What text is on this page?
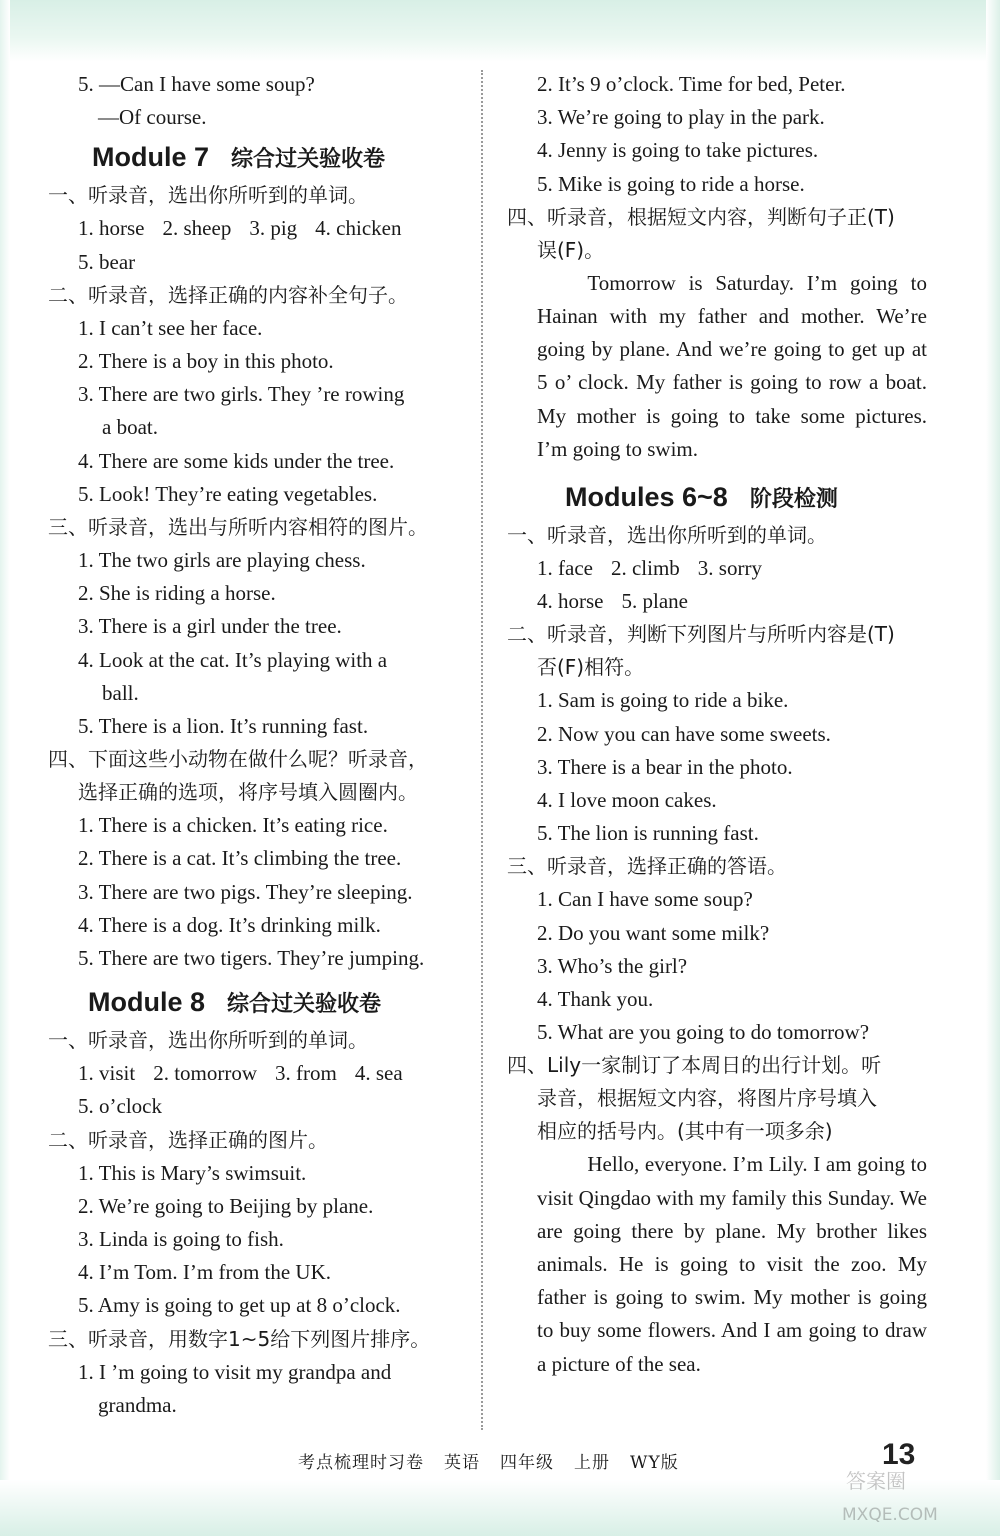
5. —Can I have some soup?
—Of course.
Module 7 综合过关验收卷
一、听录音，选出你所听到的单词。
1. horse 2. sheep 3. pig 4. chicken
5. bear
二、听录音，选择正确的内容补全句子。
1. I can’t see her face.
2. There is a boy in this photo.
3. There are two girls. They ’re rowing
a boat.
4. There are some kids under the tree.
5. Look! They’re eating vegetables.
三、听录音，选出与所听内容相符的图片。
1. The two girls are playing chess.
2. She is riding a horse.
3. There is a girl under the tree.
4. Look at the cat. It’s playing with a
ball.
5. There is a lion. It’s running fast.
四、下面这些小动物在做什么呢？听录音，
选择正确的选项，将序号填入圆圈内。
1. There is a chicken. It’s eating rice.
2. There is a cat. It’s climbing the tree.
3. There are two pigs. They’re sleeping.
4. There is a dog. It’s drinking milk.
5. There are two tigers. They’re jumping.
Module 8 综合过关验收卷
一、听录音，选出你所听到的单词。
1. visit 2. tomorrow 3. from 4. sea
5. o’clock
二、听录音，选择正确的图片。
1. This is Mary’s swimsuit.
2. We’re going to Beijing by plane.
3. Linda is going to fish.
4. I’m Tom. I’m from the UK.
5. Amy is going to get up at 8 o’clock.
三、听录音，用数字1~5给下列图片排序。
1. I ’m going to visit my grandpa and
grandma.
2. It’s 9 o’clock. Time for bed, Peter.
3. We’re going to play in the park.
4. Jenny is going to take pictures.
5. Mike is going to ride a horse.
四、听录音，根据短文内容，判断句子正(T)
误(F)。
Tomorrow is Saturday. I’m going to Hainan with my father and mother. We’re going by plane. And we’re going to get up at 5 o’ clock. My father is going to row a boat. My mother is going to take some pictures. I’m going to swim.
Modules 6~8 阶段检测
一、听录音，选出你所听到的单词。
1. face 2. climb 3. sorry
4. horse 5. plane
二、听录音，判断下列图片与所听内容是(T)
否(F)相符。
1. Sam is going to ride a bike.
2. Now you can have some sweets.
3. There is a bear in the photo.
4. I love moon cakes.
5. The lion is running fast.
三、听录音，选择正确的答语。
1. Can I have some soup?
2. Do you want some milk?
3. Who’s the girl?
4. Thank you.
5. What are you going to do tomorrow?
四、Lily一家制订了本周日的出行计划。听
录音，根据短文内容，将图片序号填入
相应的括号内。(其中有一项多余)
Hello, everyone. I’m Lily. I am going to visit Qingdao with my family this Sunday. We are going there by plane. My brother likes animals. He is going to visit the zoo. My father is going to swim. My mother is going to buy some flowers. And I am going to draw a picture of the sea.
考点梳理时习卷 英语 四年级 上册 WY版	13
答案圈
MXQE.COM
